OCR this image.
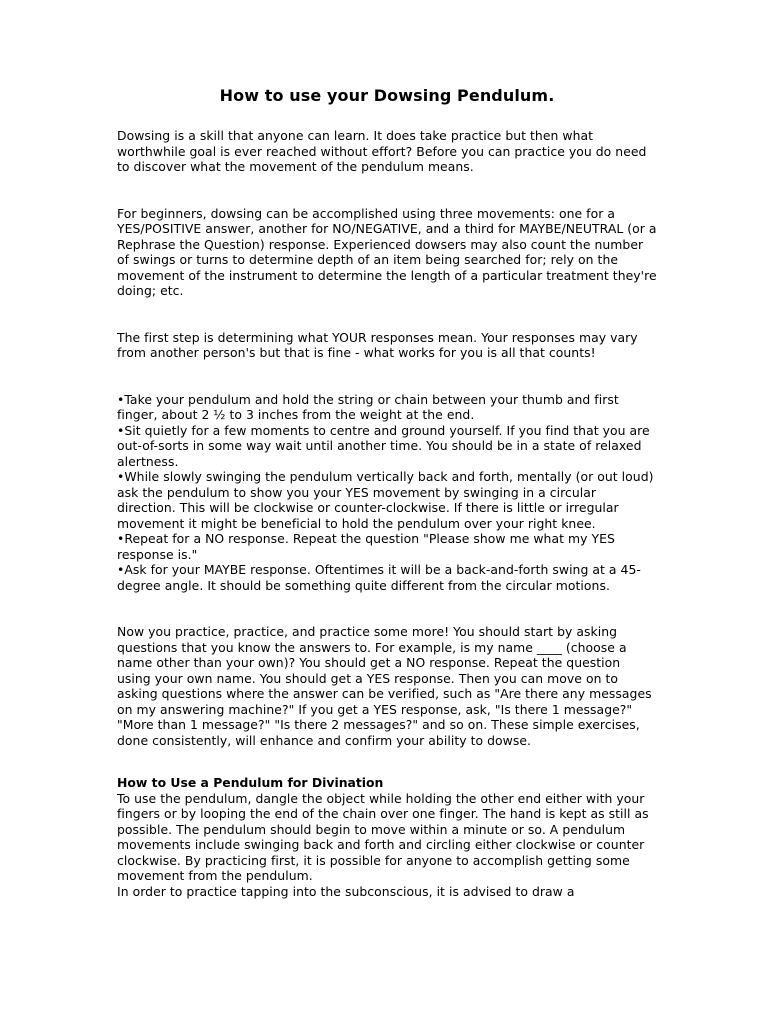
How to use your Dowsing Pendulum.

Dowsing is a skill that anyone can learn. It does take practice but then what worthwhile goal is ever reached without effort? Before you can practice you do need to discover what the movement of the pendulum means.

For beginners, dowsing can be accomplished using three movements: one for a YES/POSITIVE answer, another for NO/NEGATIVE, and a third for MAYBE/NEUTRAL (or a Rephrase the Question) response. Experienced dowsers may also count the number of swings or turns to determine depth of an item being searched for; rely on the movement of the instrument to determine the length of a particular treatment they're doing; etc.

The first step is determining what YOUR responses mean. Your responses may vary from another person's but that is fine - what works for you is all that counts!

•Take your pendulum and hold the string or chain between your thumb and first finger, about 2 ½ to 3 inches from the weight at the end.

•Sit quietly for a few moments to centre and ground yourself. If you find that you are out-of-sorts in some way wait until another time. You should be in a state of relaxed alertness.

•While slowly swinging the pendulum vertically back and forth, mentally (or out loud) ask the pendulum to show you your YES movement by swinging in a circular direction. This will be clockwise or counter-clockwise. If there is little or irregular movement it might be beneficial to hold the pendulum over your right knee.

•Repeat for a NO response. Repeat the question "Please show me what my YES response is."

•Ask for your MAYBE response. Oftentimes it will be a back-and-forth swing at a 45-degree angle. It should be something quite different from the circular motions.

Now you practice, practice, and practice some more! You should start by asking questions that you know the answers to. For example, is my name ____ (choose a name other than your own)? You should get a NO response. Repeat the question using your own name. You should get a YES response. Then you can move on to asking questions where the answer can be verified, such as "Are there any messages on my answering machine?" If you get a YES response, ask, "Is there 1 message?" "More than 1 message?" "Is there 2 messages?" and so on. These simple exercises, done consistently, will enhance and confirm your ability to dowse.

How to Use a Pendulum for Divination

To use the pendulum, dangle the object while holding the other end either with your fingers or by looping the end of the chain over one finger. The hand is kept as still as possible. The pendulum should begin to move within a minute or so. A pendulum movements include swinging back and forth and circling either clockwise or counter clockwise. By practicing first, it is possible for anyone to accomplish getting some movement from the pendulum.

In order to practice tapping into the subconscious, it is advised to draw a
